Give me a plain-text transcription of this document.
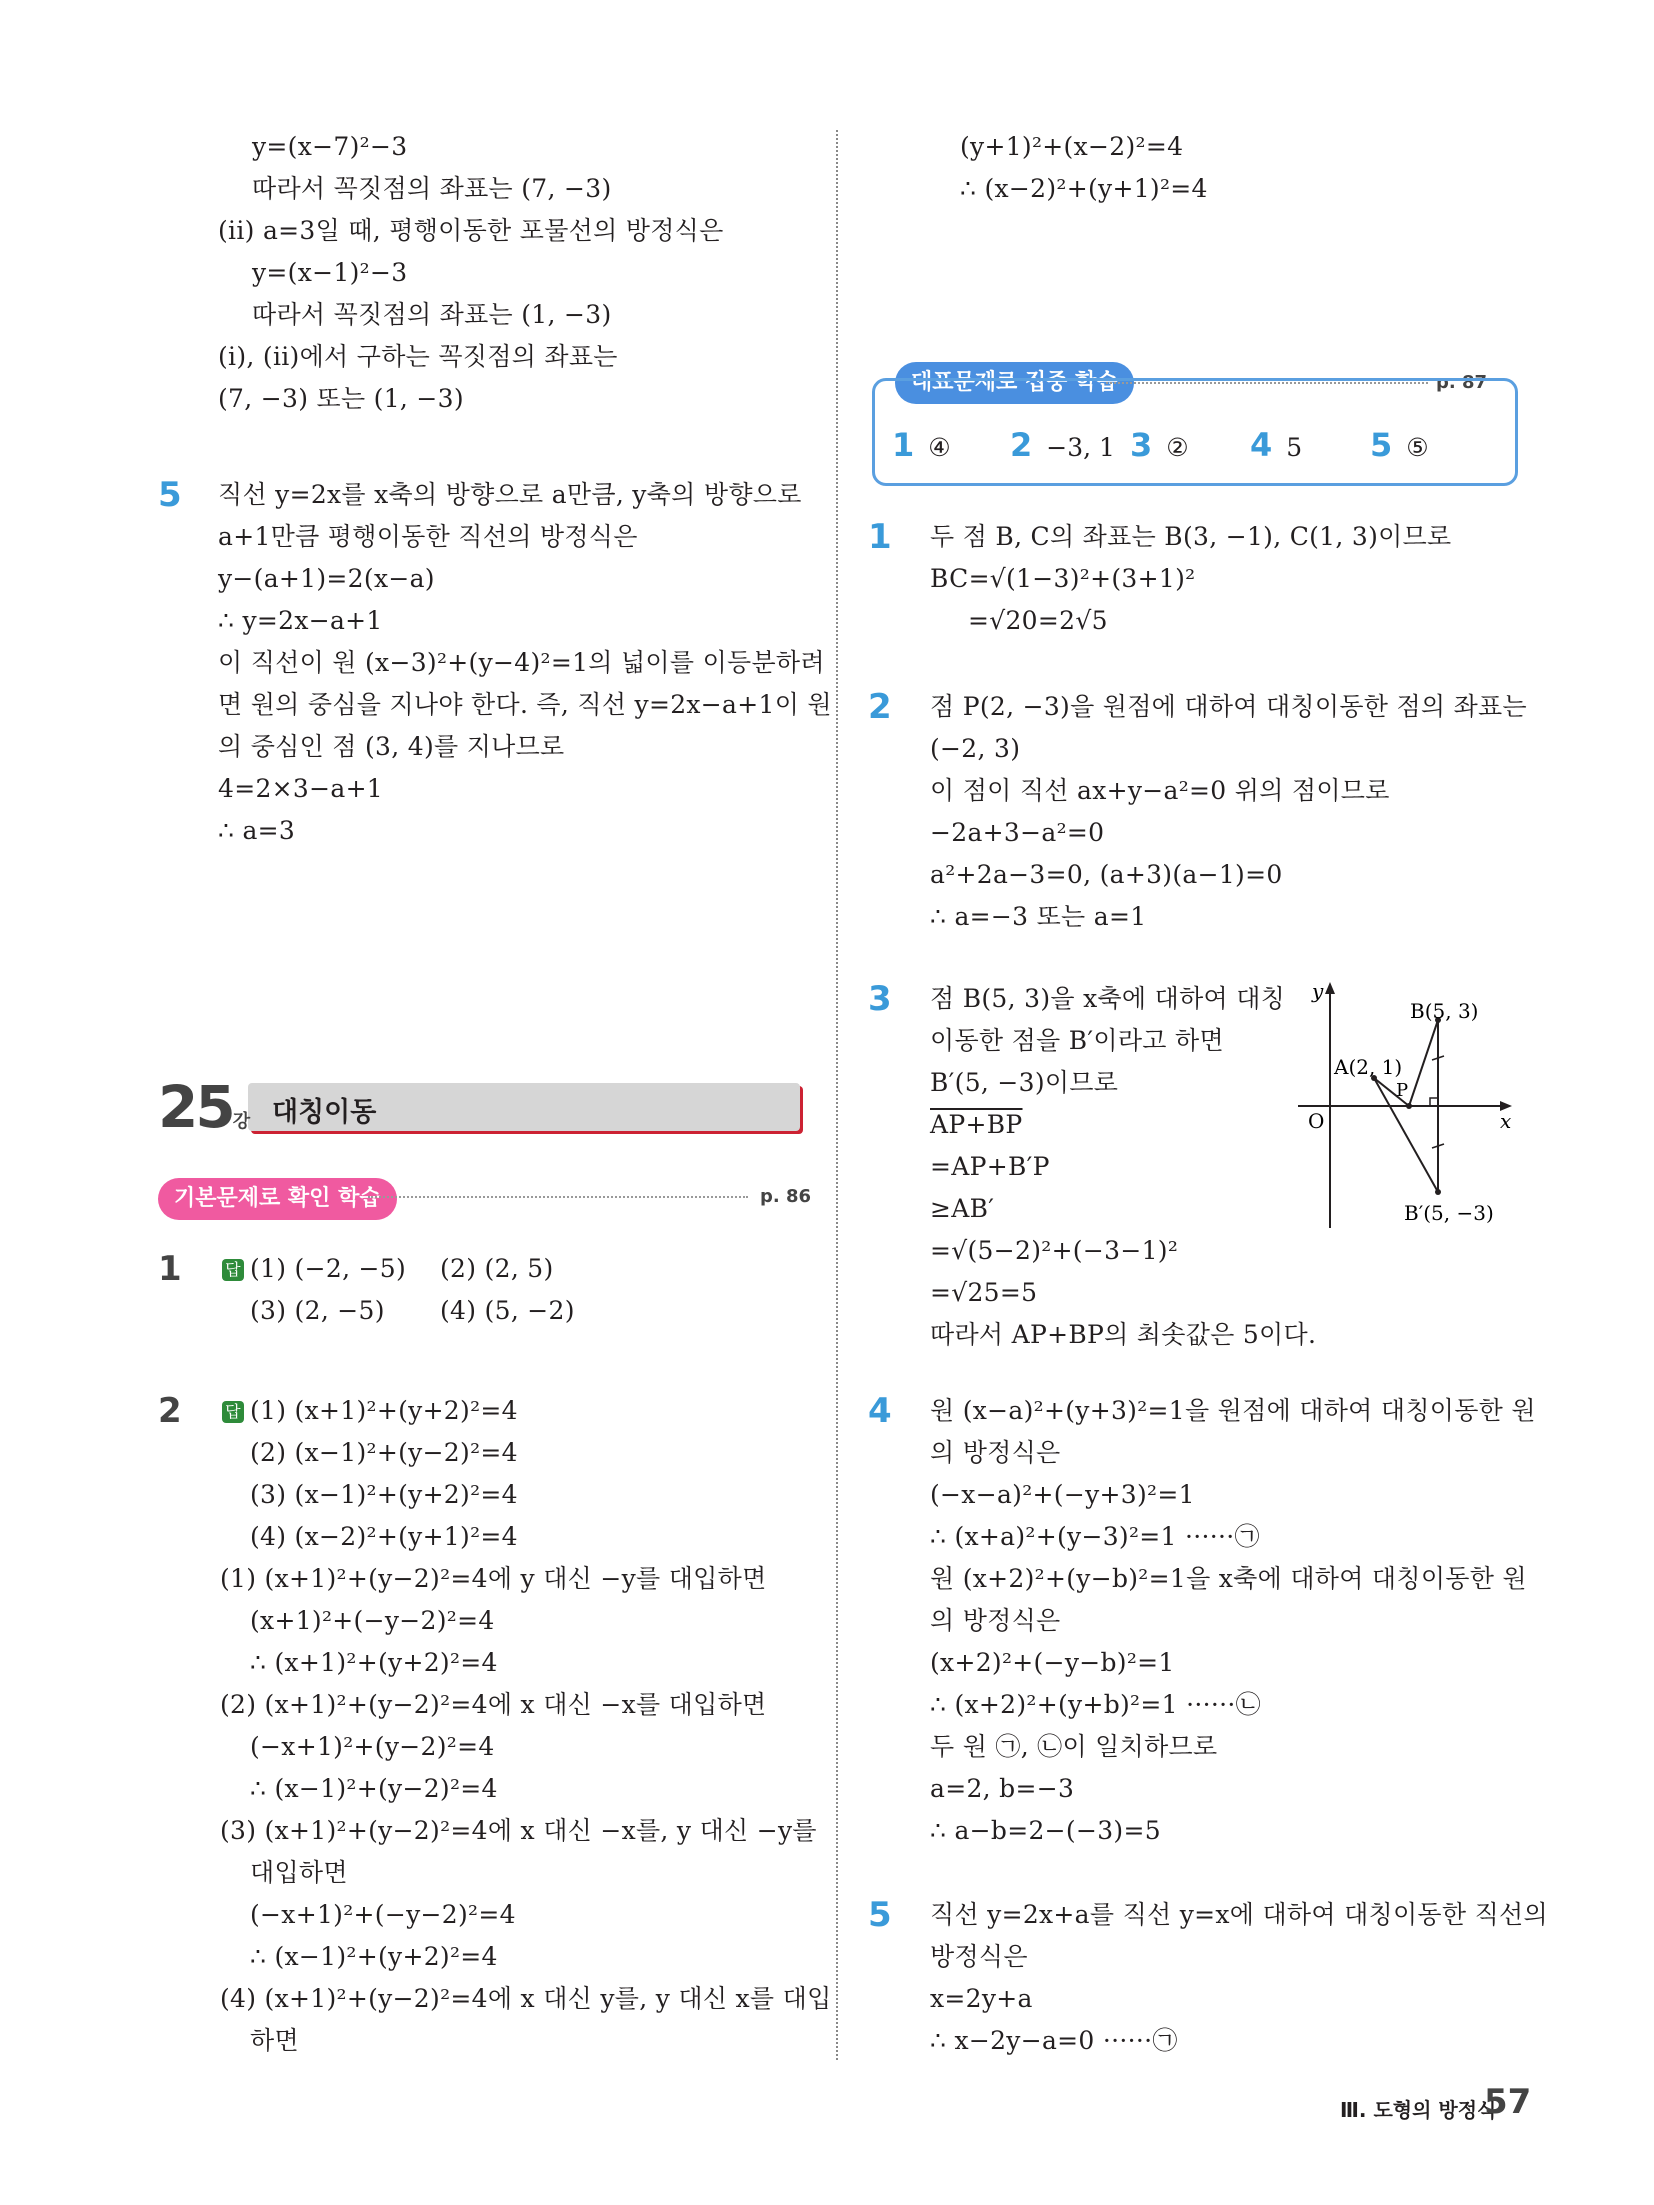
y=(x−7)²−3
따라서 꼭짓점의 좌표는 (7, −3)
(ii) a=3일 때, 평행이동한 포물선의 방정식은
y=(x−1)²−3
따라서 꼭짓점의 좌표는 (1, −3)
(i), (ii)에서 구하는 꼭짓점의 좌표는
(7, −3) 또는 (1, −3)
5 직선 y=2x를 x축의 방향으로 a만큼, y축의 방향으로
a+1만큼 평행이동한 직선의 방정식은
y−(a+1)=2(x−a)
∴ y=2x−a+1
이 직선이 원 (x−3)²+(y−4)²=1의 넓이를 이등분하려
면 원의 중심을 지나야 한다. 즉, 직선 y=2x−a+1이 원
의 중심인 점 (3, 4)를 지나므로
4=2×3−a+1
∴ a=3
25강 대칭이동
기본문제로 확인 학습	p. 86
1	답 (1) (−2, −5) (2) (2, 5)
(3) (2, −5) (4) (5, −2)
2	답 (1) (x+1)²+(y+2)²=4
(2) (x−1)²+(y−2)²=4
(3) (x−1)²+(y+2)²=4
(4) (x−2)²+(y+1)²=4
(1) (x+1)²+(y−2)²=4에 y 대신 −y를 대입하면
(x+1)²+(−y−2)²=4
∴ (x+1)²+(y+2)²=4
(2) (x+1)²+(y−2)²=4에 x 대신 −x를 대입하면
(−x+1)²+(y−2)²=4
∴ (x−1)²+(y−2)²=4
(3) (x+1)²+(y−2)²=4에 x 대신 −x를, y 대신 −y를
대입하면
(−x+1)²+(−y−2)²=4
∴ (x−1)²+(y+2)²=4
(4) (x+1)²+(y−2)²=4에 x 대신 y를, y 대신 x를 대입
하면
(y+1)²+(x−2)²=4
∴ (x−2)²+(y+1)²=4
대표문제로 집중 학습	p. 87
1 ④ 2 −3, 1 3 ② 4 5 5 ⑤
1 두 점 B, C의 좌표는 B(3, −1), C(1, 3)이므로
BC=√(1−3)²+(3+1)²
=√20=2√5
2 점 P(2, −3)을 원점에 대하여 대칭이동한 점의 좌표는
(−2, 3)
이 점이 직선 ax+y−a²=0 위의 점이므로
−2a+3−a²=0
a²+2a−3=0, (a+3)(a−1)=0
∴ a=−3 또는 a=1
3 점 B(5, 3)을 x축에 대하여 대칭
이동한 점을 B′이라고 하면
B′(5, −3)이므로
AP+BP
=AP+B′P
≥AB′
=√(5−2)²+(−3−1)²
=√25=5
따라서 AP+BP의 최솟값은 5이다.
y
x
O
B(5, 3)
A(2, 1)
P
B′(5, −3)
4 원 (x−a)²+(y+3)²=1을 원점에 대하여 대칭이동한 원
의 방정식은
(−x−a)²+(−y+3)²=1
∴ (x+a)²+(y−3)²=1 ······㉠
원 (x+2)²+(y−b)²=1을 x축에 대하여 대칭이동한 원
의 방정식은
(x+2)²+(−y−b)²=1
∴ (x+2)²+(y+b)²=1 ······㉡
두 원 ㉠, ㉡이 일치하므로
a=2, b=−3
∴ a−b=2−(−3)=5
5 직선 y=2x+a를 직선 y=x에 대하여 대칭이동한 직선의
방정식은
x=2y+a
∴ x−2y−a=0 ······㉠
Ⅲ. 도형의 방정식
57
